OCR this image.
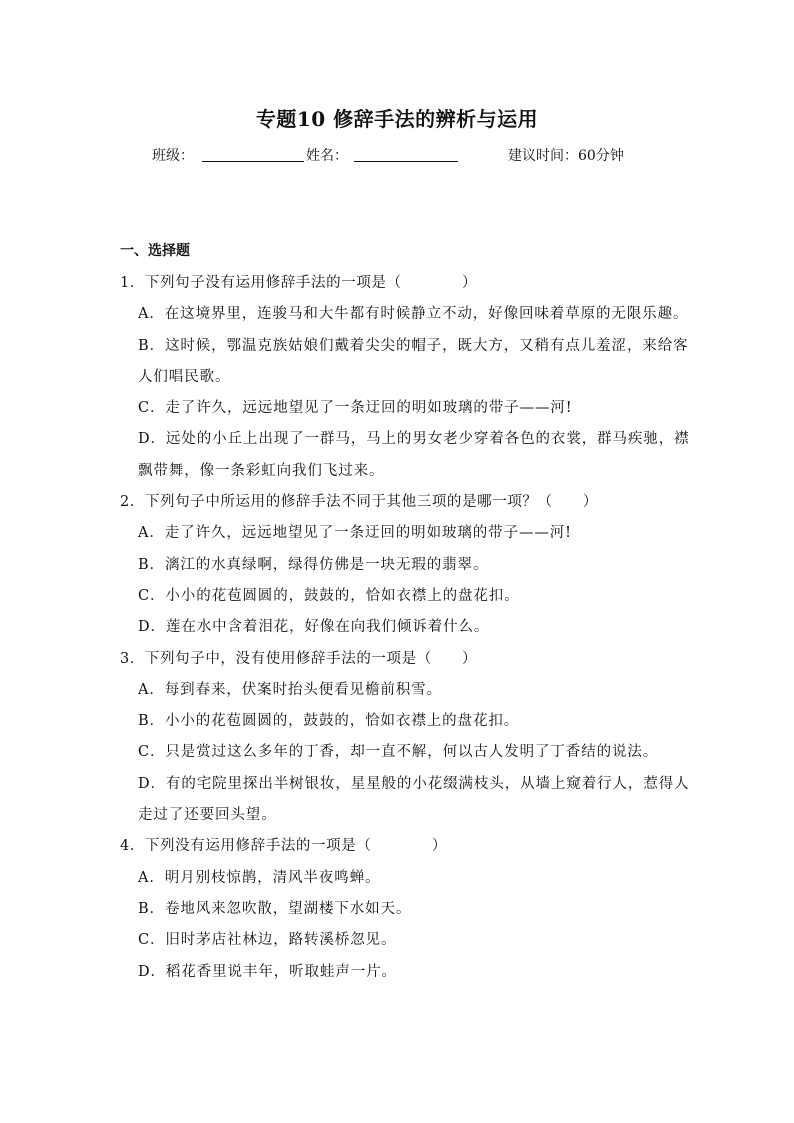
专题10 修辞手法的辨析与运用
班级：	姓名：	建议时间：60分钟
一、选择题
1．下列句子没有运用修辞手法的一项是（　　　　）
A．在这境界里，连骏马和大牛都有时候静立不动，好像回味着草原的无限乐趣。
B．这时候，鄂温克族姑娘们戴着尖尖的帽子，既大方，又稍有点儿羞涩，来给客人们唱民歌。
C．走了许久，远远地望见了一条迂回的明如玻璃的带子——河!
D．远处的小丘上出现了一群马，马上的男女老少穿着各色的衣裳，群马疾驰，襟飘带舞，像一条彩虹向我们飞过来。
2．下列句子中所运用的修辞手法不同于其他三项的是哪一项？（　　）
A．走了许久，远远地望见了一条迂回的明如玻璃的带子——河!
B．漓江的水真绿啊，绿得仿佛是一块无瑕的翡翠。
C．小小的花苞圆圆的，鼓鼓的，恰如衣襟上的盘花扣。
D．莲在水中含着泪花，好像在向我们倾诉着什么。
3．下列句子中，没有使用修辞手法的一项是（　　）
A．每到春来，伏案时抬头便看见檐前积雪。
B．小小的花苞圆圆的，鼓鼓的，恰如衣襟上的盘花扣。
C．只是赏过这么多年的丁香，却一直不解，何以古人发明了丁香结的说法。
D．有的宅院里探出半树银妆，星星般的小花缀满枝头，从墙上窥着行人，惹得人走过了还要回头望。
4．下列没有运用修辞手法的一项是（　　　　）
A．明月别枝惊鹊，清风半夜鸣蝉。
B．卷地风来忽吹散，望湖楼下水如天。
C．旧时茅店社林边，路转溪桥忽见。
D．稻花香里说丰年，听取蛙声一片。
